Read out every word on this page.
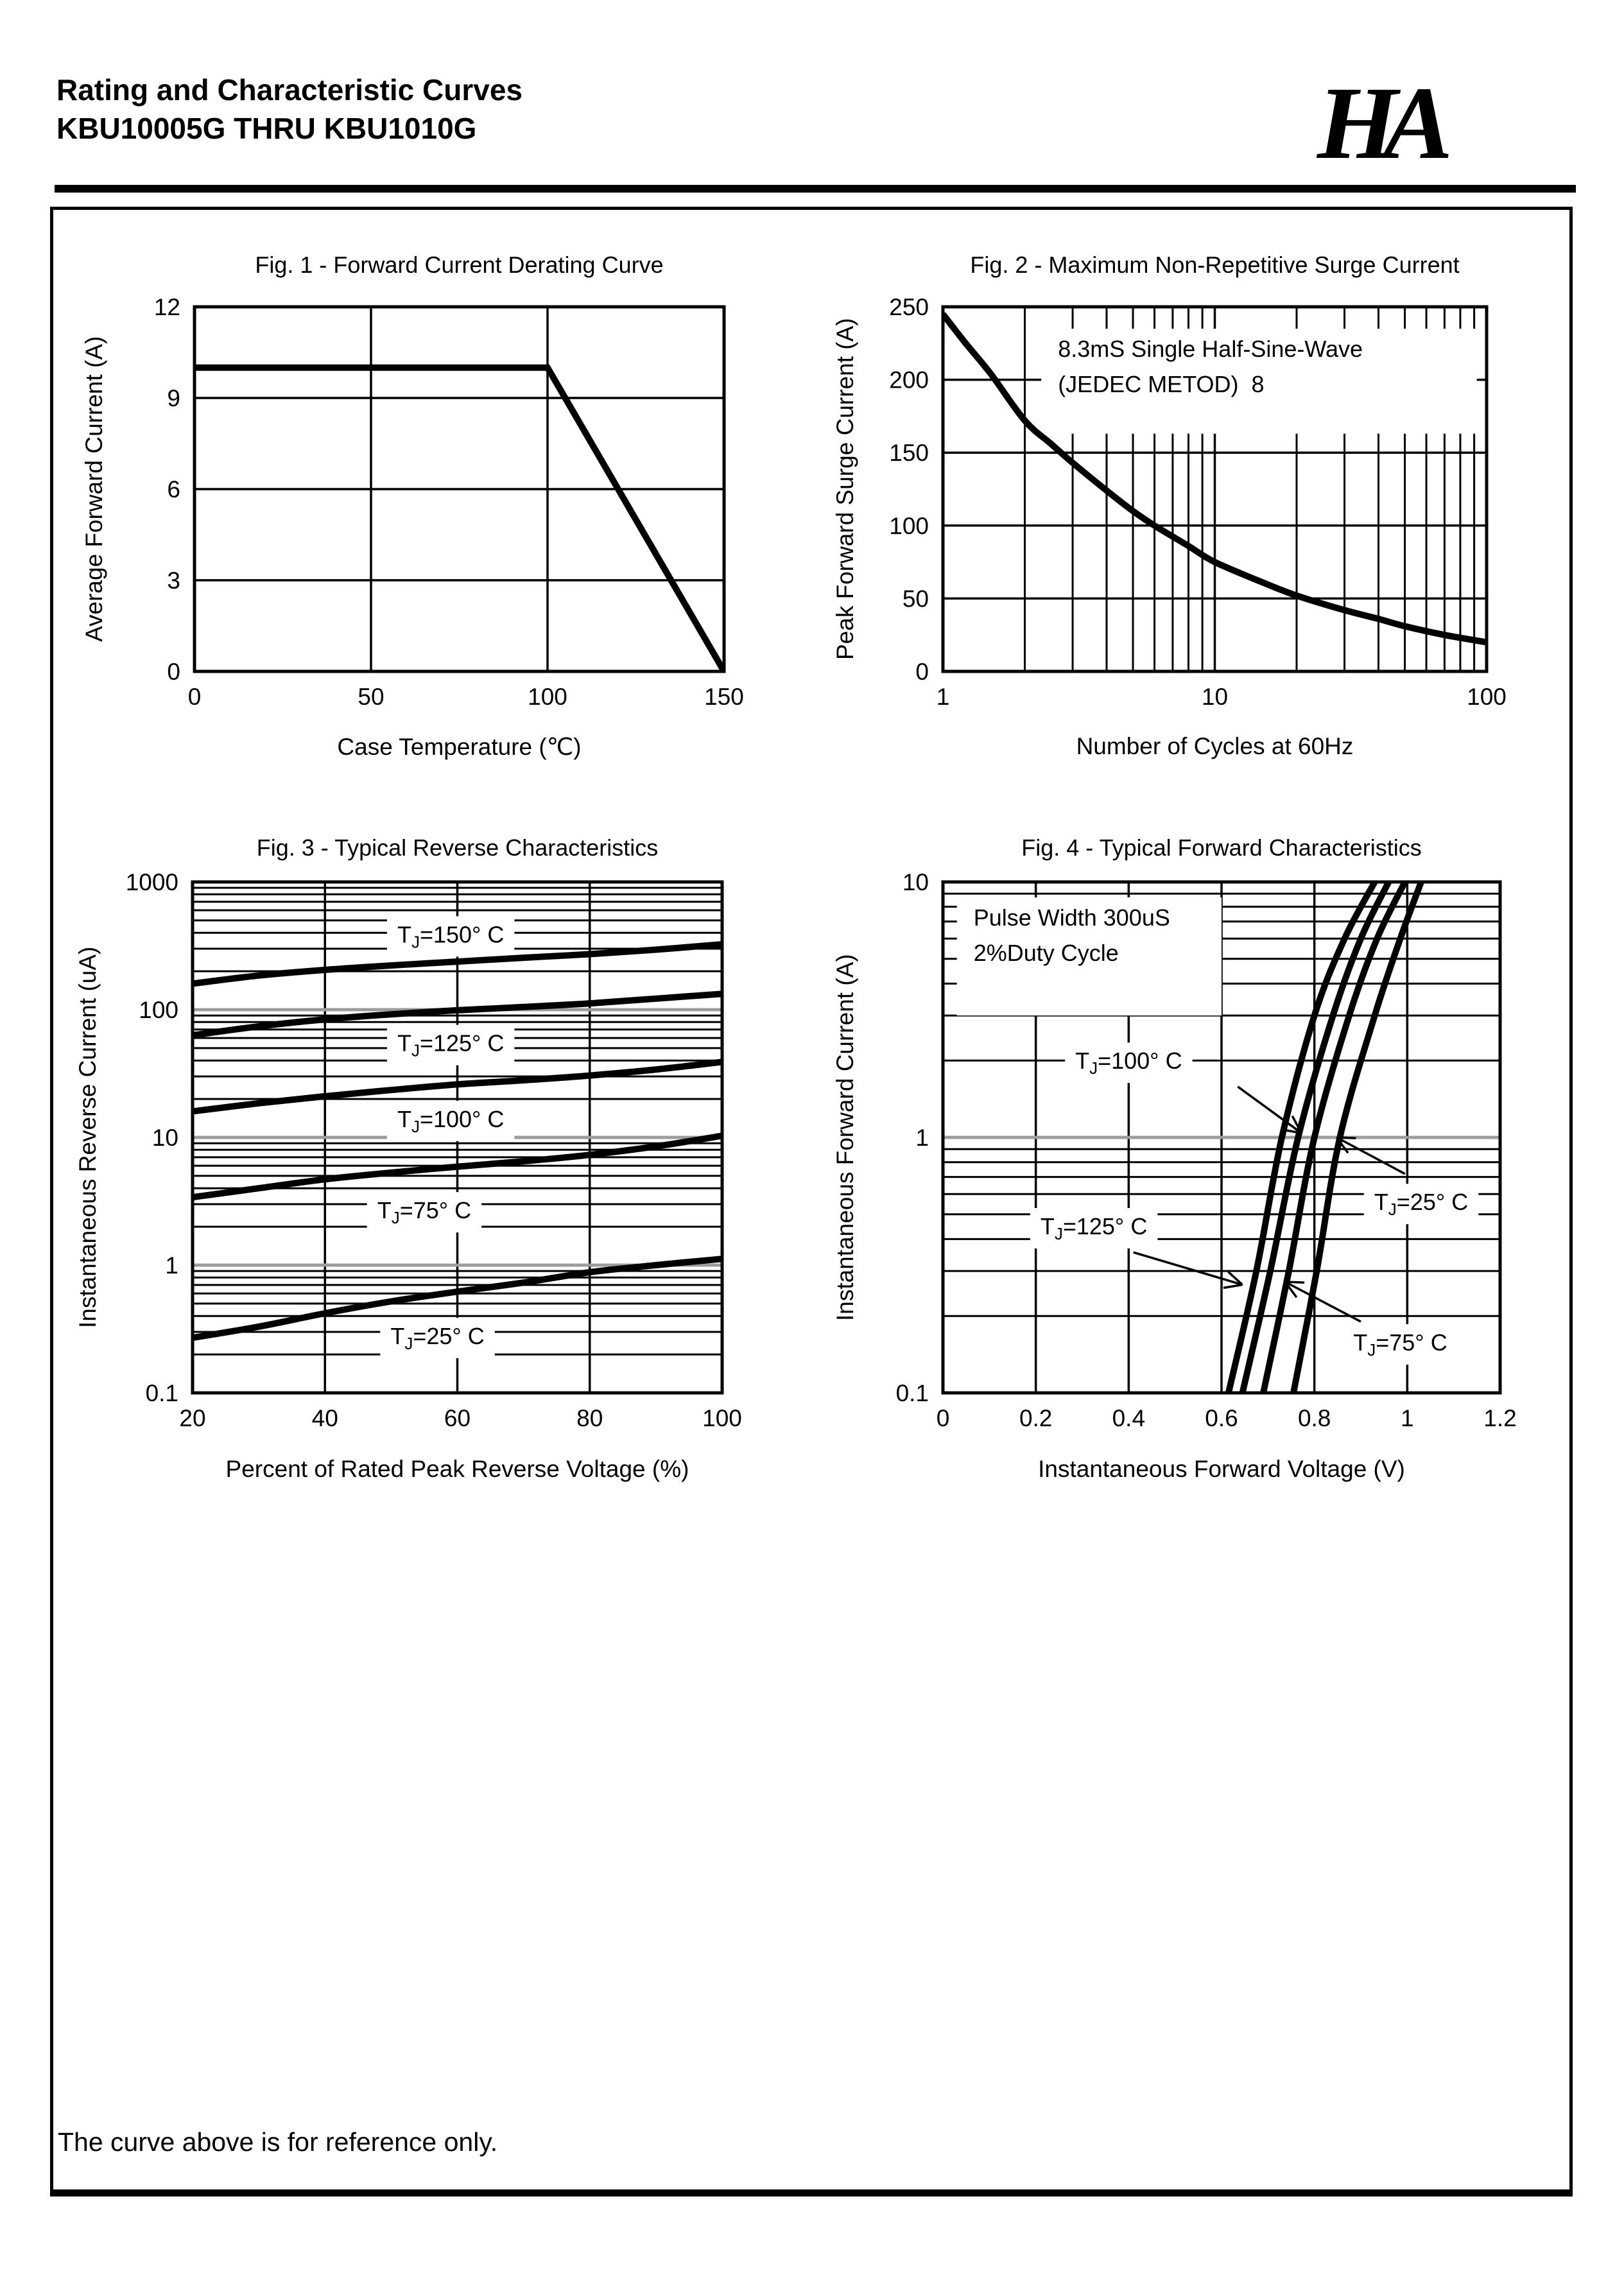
Rating and Characteristic Curves
KBU10005G THRU KBU1010G	HA
Fig. 1 - Forward Current Derating Curve	Fig. 2 - Maximum Non-Repetitive Surge Current
Fig. 3 - Typical Reverse Characteristics	Fig. 4 - Typical Forward Characteristics
Average Forward Current (A)	Peak Forward Surge Current (A)
Instantaneous Reverse Current (uA)	Instantaneous Forward Current (A)
Case Temperature (℃)	Number of Cycles at 60Hz
Percent of Rated Peak Reverse Voltage (%)	Instantaneous Forward Voltage (V)
0	50	100	150
0
3
6
9
12
8.3mS Single Half-Sine-Wave
(JEDEC METOD)  8
1	10	100
0
50
100
150
200
250
$T_J=150^\circ$ C
$T_J=125^\circ$ C
$T_J=100^\circ$ C
$T_J=75^\circ$ C
$T_J=25^\circ$ C
20	40	60	80	100
1000
100
10
1
0.1
Pulse Width 300uS
2%Duty Cycle
$T_J=100^\circ$ C
$T_J=25^\circ$ C
$T_J=125^\circ$ C
$T_J=75^\circ$ C
0	0.2	0.4	0.6	0.8	1	1.2
10
1
0.1
The curve above is for reference only.
